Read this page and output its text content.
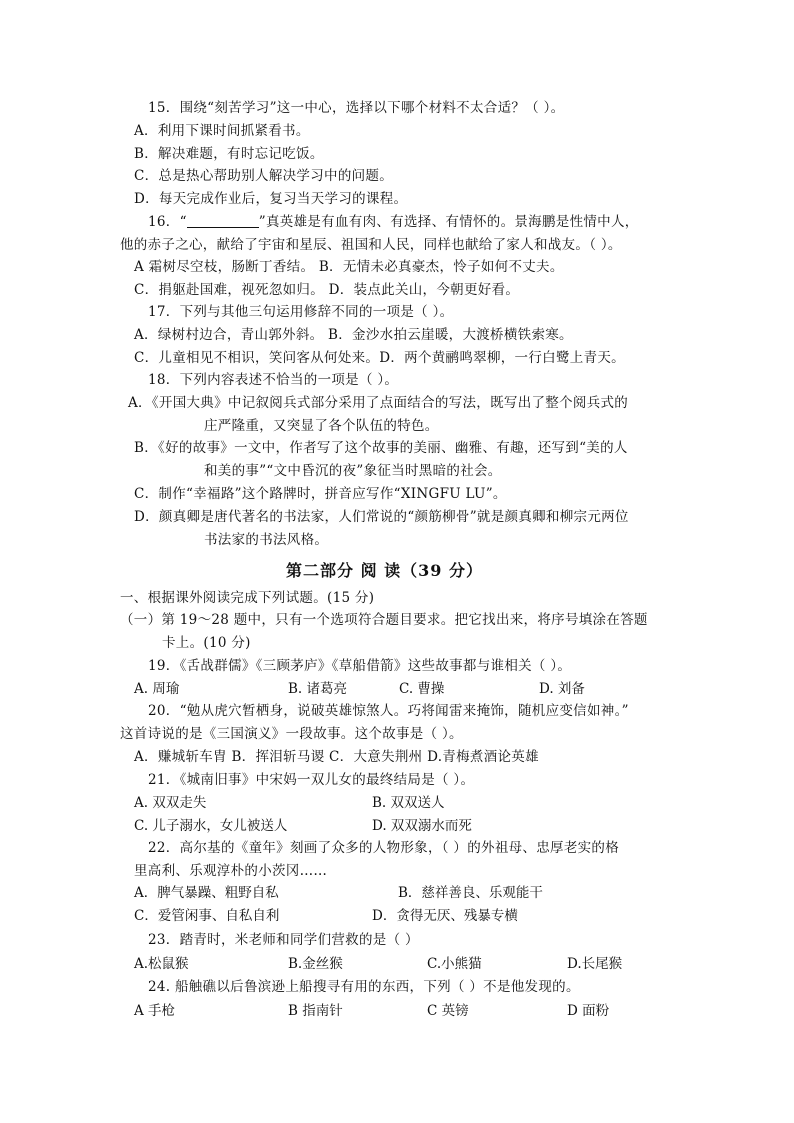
15．围绕“刻苦学习”这一中心，选择以下哪个材料不太合适？（ ）。
A．利用下课时间抓紧看书。
B．解决难题，有时忘记吃饭。
C．总是热心帮助别人解决学习中的问题。
D．每天完成作业后，复习当天学习的课程。
16．“	”真英雄是有血有肉、有选择、有情怀的。景海鹏是性情中人，
他的赤子之心，献给了宇宙和星辰、祖国和人民，同样也献给了家人和战友。（ ）。
A 霜树尽空枝，肠断丁香结。 B．无情未必真豪杰，怜子如何不丈夫。
C．捐躯赴国难，视死忽如归。 D．装点此关山，今朝更好看。
17．下列与其他三句运用修辞不同的一项是（ ）。
A．绿树村边合，青山郭外斜。 B．金沙水拍云崖暖，大渡桥横铁索寒。
C．儿童相见不相识，笑问客从何处来。D．两个黄鹂鸣翠柳，一行白鹭上青天。
18．下列内容表述不恰当的一项是（ ）。
A．《开国大典》中记叙阅兵式部分采用了点面结合的写法，既写出了整个阅兵式的
庄严隆重，又突显了各个队伍的特色。
B．《好的故事》一文中，作者写了这个故事的美丽、幽雅、有趣，还写到“美的人
和美的事”“文中昏沉的夜”象征当时黑暗的社会。
C．制作“幸福路”这个路牌时，拼音应写作“XINGFU LU”。
D．颜真卿是唐代著名的书法家，人们常说的“颜筋柳骨”就是颜真卿和柳宗元两位
书法家的书法风格。
第二部分 阅 读（39 分）
一、根据课外阅读完成下列试题。(15 分)
（一）第 19～28 题中，只有一个选项符合题目要求。把它找出来，将序号填涂在答题
卡上。(10 分)
19．《舌战群儒》《三顾茅庐》《草船借箭》这些故事都与谁相关（ ）。
A. 周瑜	B. 诸葛亮	C. 曹操	D. 刘备
20．“勉从虎穴暂栖身，说破英雄惊煞人。巧将闻雷来掩饰，随机应变信如神。”
这首诗说的是《三国演义》一段故事。这个故事是（ ）。
A．赚城斩车胄 B．挥泪斩马谡 C．大意失荆州 D.青梅煮酒论英雄
21．《城南旧事》中宋妈一双儿女的最终结局是（ ）。
A. 双双走失	B. 双双送人
C. 儿子溺水，女儿被送人	D. 双双溺水而死
22．高尔基的《童年》刻画了众多的人物形象，（ ）的外祖母、忠厚老实的格
里高利、乐观淳朴的小茨冈……
A．脾气暴躁、粗野自私	B．慈祥善良、乐观能干
C．爱管闲事、自私自利	D．贪得无厌、残暴专横
23．踏青时，米老师和同学们营救的是（ ）
A.松鼠猴	B.金丝猴	C.小熊猫	D.长尾猴
24. 船触礁以后鲁滨逊上船搜寻有用的东西，下列（ ）不是他发现的。
A 手枪	B 指南针	C 英镑	D 面粉
